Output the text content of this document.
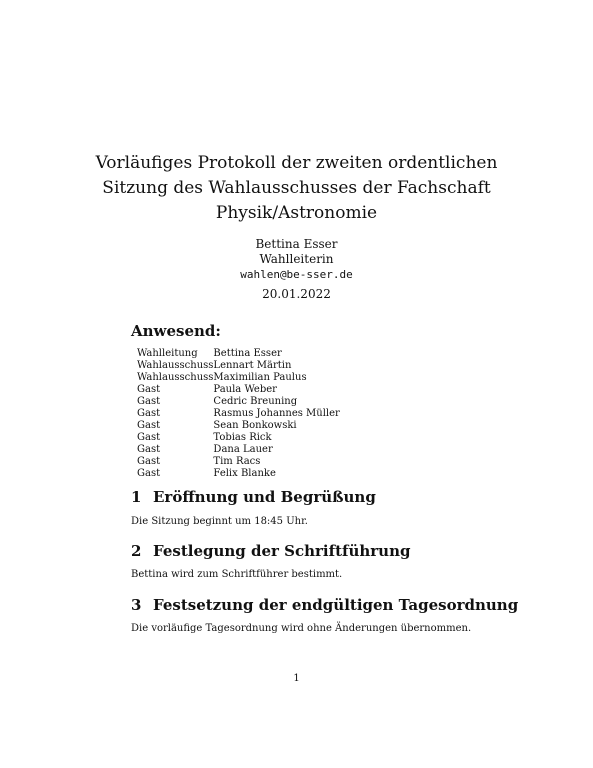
Vorläufiges Protokoll der zweiten ordentlichen
Sitzung des Wahlausschusses der Fachschaft
Physik/Astronomie
Bettina Esser
Wahlleiterin
wahlen@be-sser.de
20.01.2022
Anwesend:
Wahlleitung	Bettina Esser
Wahlausschuss	Lennart Märtin
Wahlausschuss	Maximilian Paulus
Gast	Paula Weber
Gast	Cedric Breuning
Gast	Rasmus Johannes Müller
Gast	Sean Bonkowski
Gast	Tobias Rick
Gast	Dana Lauer
Gast	Tim Racs
Gast	Felix Blanke
1 Eröffnung und Begrüßung
Die Sitzung beginnt um 18:45 Uhr.
2 Festlegung der Schriftführung
Bettina wird zum Schriftführer bestimmt.
3 Festsetzung der endgültigen Tagesordnung
Die vorläufige Tagesordnung wird ohne Änderungen übernommen.
1
